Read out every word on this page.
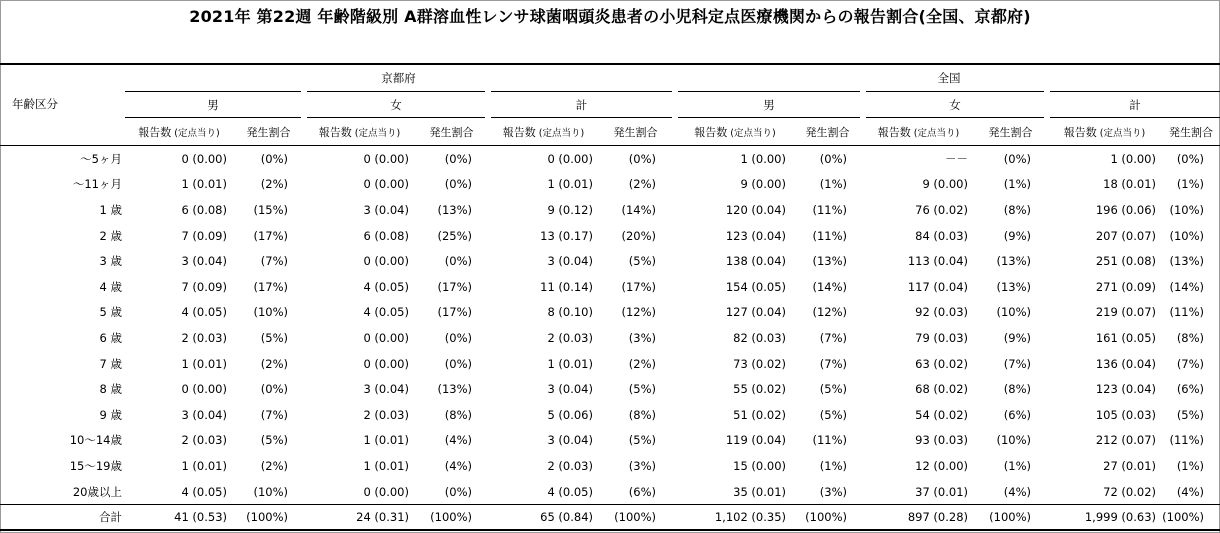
2021年 第22週 年齢階級別 A群溶血性レンサ球菌咽頭炎患者の小児科定点医療機関からの報告割合(全国、京都府)
	京都府							全国					
年齢区分	男		女		計			男		女		計	
	報告数 (定点当り)	発生割合	報告数 (定点当り)	発生割合	報告数 (定点当り)	発生割合		報告数 (定点当り)	発生割合	報告数 (定点当り)	発生割合	報告数 (定点当り)	発生割合
～5ヶ月	0 (0.00)	(0%)	0 (0.00)	(0%)	0 (0.00)	(0%)		1 (0.00)	(0%)	－－	(0%)	1 (0.00)	(0%)
～11ヶ月	1 (0.01)	(2%)	0 (0.00)	(0%)	1 (0.01)	(2%)		9 (0.00)	(1%)	9 (0.00)	(1%)	18 (0.01)	(1%)
1 歳	6 (0.08)	(15%)	3 (0.04)	(13%)	9 (0.12)	(14%)		120 (0.04)	(11%)	76 (0.02)	(8%)	196 (0.06)	(10%)
2 歳	7 (0.09)	(17%)	6 (0.08)	(25%)	13 (0.17)	(20%)		123 (0.04)	(11%)	84 (0.03)	(9%)	207 (0.07)	(10%)
3 歳	3 (0.04)	(7%)	0 (0.00)	(0%)	3 (0.04)	(5%)		138 (0.04)	(13%)	113 (0.04)	(13%)	251 (0.08)	(13%)
4 歳	7 (0.09)	(17%)	4 (0.05)	(17%)	11 (0.14)	(17%)		154 (0.05)	(14%)	117 (0.04)	(13%)	271 (0.09)	(14%)
5 歳	4 (0.05)	(10%)	4 (0.05)	(17%)	8 (0.10)	(12%)		127 (0.04)	(12%)	92 (0.03)	(10%)	219 (0.07)	(11%)
6 歳	2 (0.03)	(5%)	0 (0.00)	(0%)	2 (0.03)	(3%)		82 (0.03)	(7%)	79 (0.03)	(9%)	161 (0.05)	(8%)
7 歳	1 (0.01)	(2%)	0 (0.00)	(0%)	1 (0.01)	(2%)		73 (0.02)	(7%)	63 (0.02)	(7%)	136 (0.04)	(7%)
8 歳	0 (0.00)	(0%)	3 (0.04)	(13%)	3 (0.04)	(5%)		55 (0.02)	(5%)	68 (0.02)	(8%)	123 (0.04)	(6%)
9 歳	3 (0.04)	(7%)	2 (0.03)	(8%)	5 (0.06)	(8%)		51 (0.02)	(5%)	54 (0.02)	(6%)	105 (0.03)	(5%)
10～14歳	2 (0.03)	(5%)	1 (0.01)	(4%)	3 (0.04)	(5%)		119 (0.04)	(11%)	93 (0.03)	(10%)	212 (0.07)	(11%)
15～19歳	1 (0.01)	(2%)	1 (0.01)	(4%)	2 (0.03)	(3%)		15 (0.00)	(1%)	12 (0.00)	(1%)	27 (0.01)	(1%)
20歳以上	4 (0.05)	(10%)	0 (0.00)	(0%)	4 (0.05)	(6%)		35 (0.01)	(3%)	37 (0.01)	(4%)	72 (0.02)	(4%)
合計	41 (0.53)	(100%)	24 (0.31)	(100%)	65 (0.84)	(100%)		1,102 (0.35)	(100%)	897 (0.28)	(100%)	1,999 (0.63)	(100%)
